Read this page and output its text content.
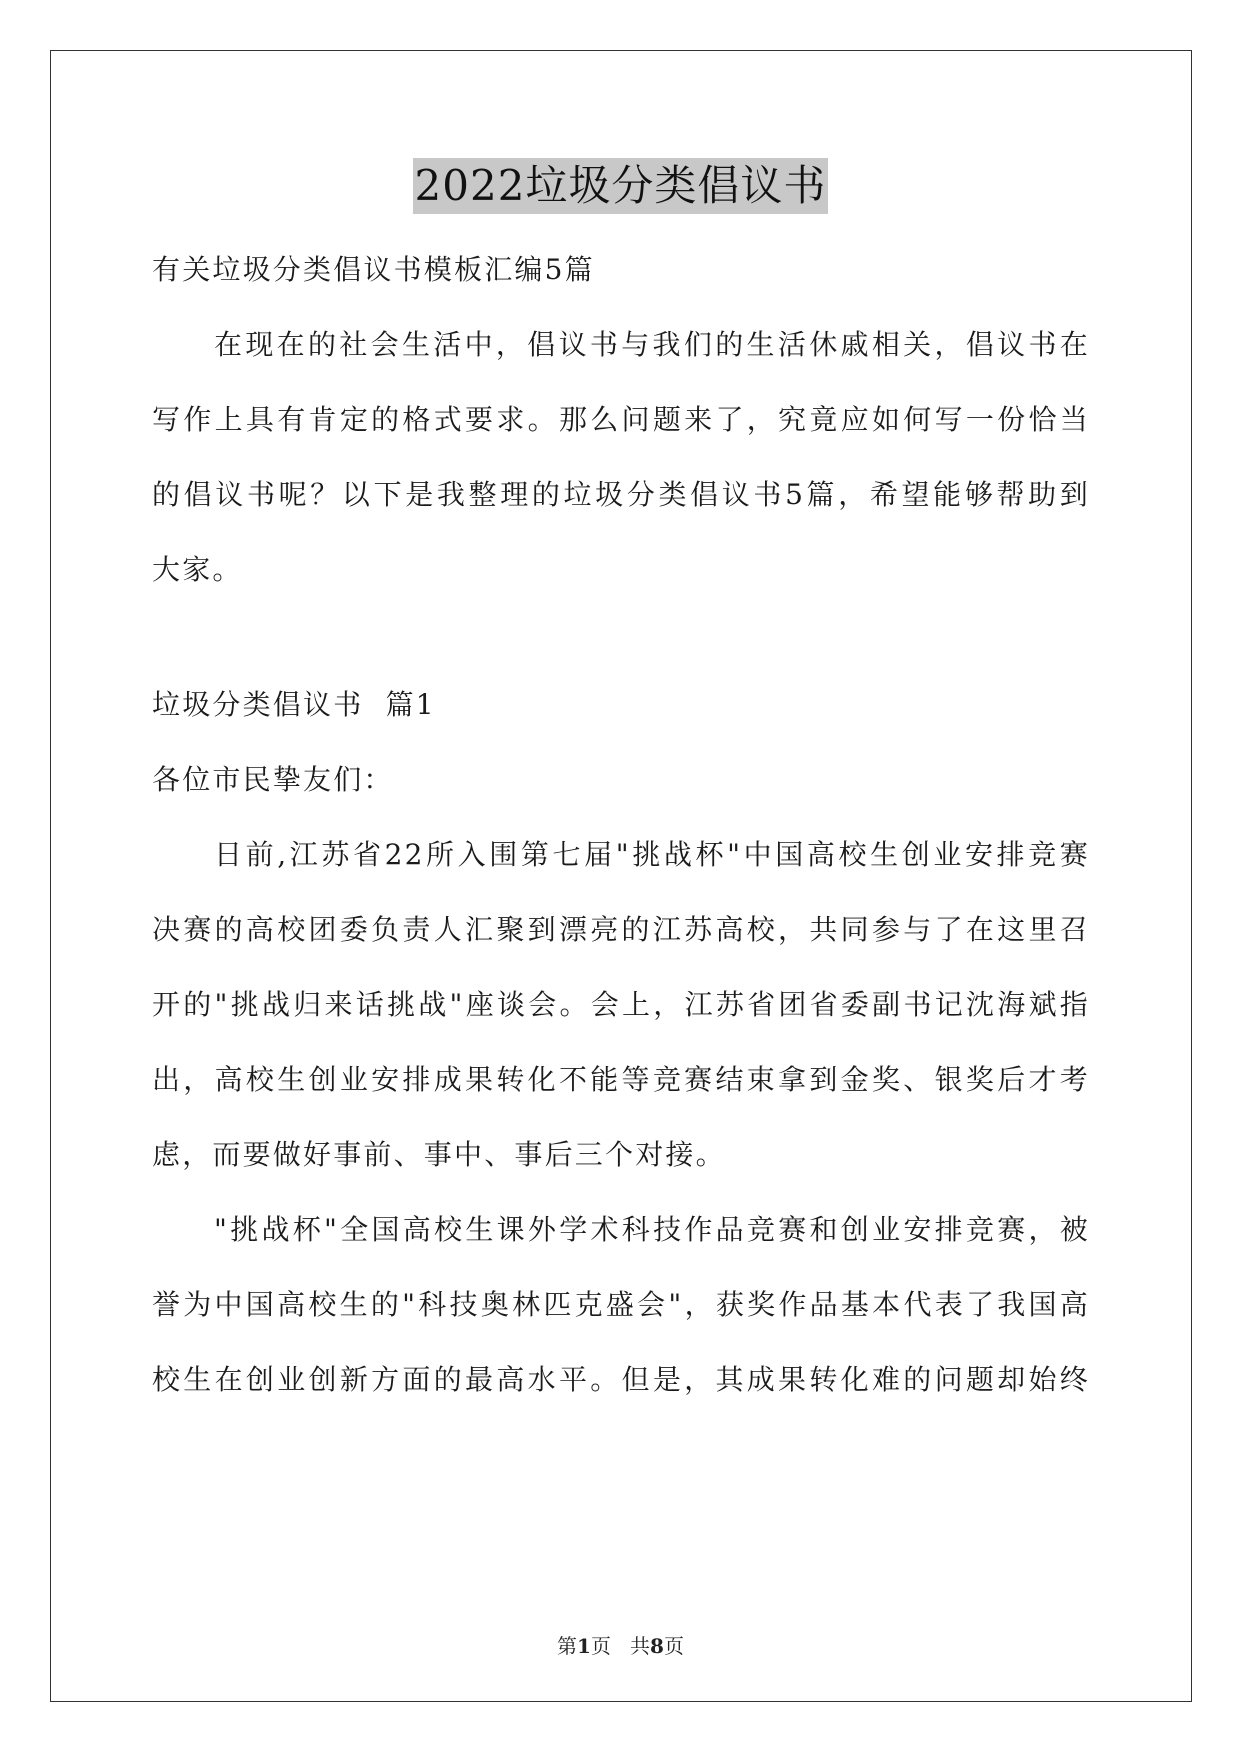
2022垃圾分类倡议书
有关垃圾分类倡议书模板汇编5篇
在现在的社会生活中，倡议书与我们的生活休戚相关，倡议书在
写作上具有肯定的格式要求。那么问题来了，究竟应如何写一份恰当
的倡议书呢？以下是我整理的垃圾分类倡议书5篇，希望能够帮助到
大家。
垃圾分类倡议书  篇1
各位市民挚友们：
日前,江苏省22所入围第七届"挑战杯"中国高校生创业安排竞赛
决赛的高校团委负责人汇聚到漂亮的江苏高校，共同参与了在这里召
开的"挑战归来话挑战"座谈会。会上，江苏省团省委副书记沈海斌指
出，高校生创业安排成果转化不能等竞赛结束拿到金奖、银奖后才考
虑，而要做好事前、事中、事后三个对接。
"挑战杯"全国高校生课外学术科技作品竞赛和创业安排竞赛，被
誉为中国高校生的"科技奥林匹克盛会"，获奖作品基本代表了我国高
校生在创业创新方面的最高水平。但是，其成果转化难的问题却始终
第1页 共8页
